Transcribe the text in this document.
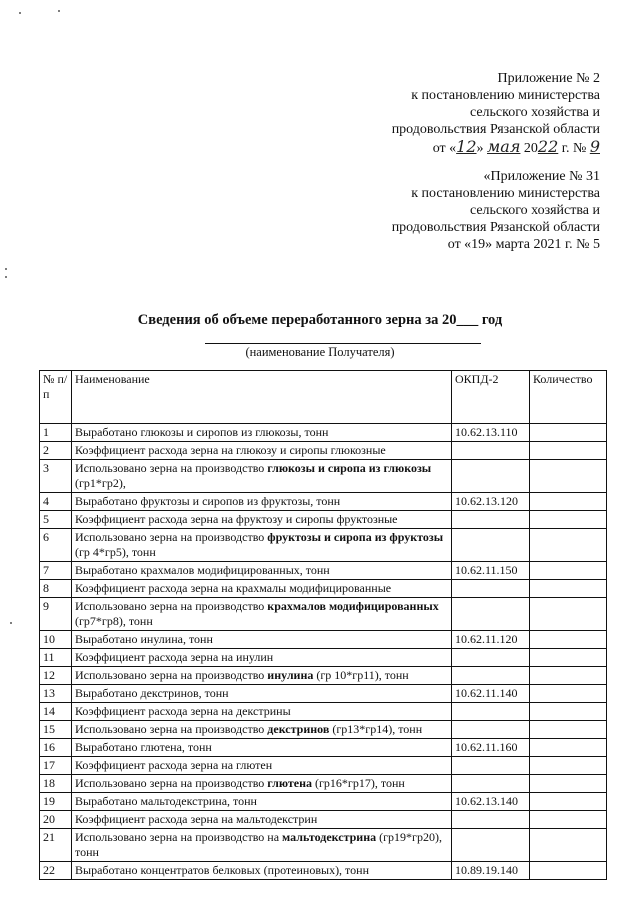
Приложение № 2
к постановлению министерства
сельского хозяйства и
продовольствия Рязанской области
от «12» мая 2022 г. № 9
«Приложение № 31
к постановлению министерства
сельского хозяйства и
продовольствия Рязанской области
от «19» марта 2021 г. № 5
Сведения об объеме переработанного зерна за 20___ год
(наименование Получателя)
№ п/п	Наименование	ОКПД-2	Количество
1	Выработано глюкозы и сиропов из глюкозы, тонн	10.62.13.110	
2	Коэффициент расхода зерна на глюкозу и сиропы глюкозные		
3	Использовано зерна на производство глюкозы и сиропа из глюкозы (гр1*гр2),		
4	Выработано фруктозы и сиропов из фруктозы, тонн	10.62.13.120	
5	Коэффициент расхода зерна на фруктозу и сиропы фруктозные		
6	Использовано зерна на производство фруктозы и сиропа из фруктозы (гр 4*гр5), тонн		
7	Выработано крахмалов модифицированных, тонн	10.62.11.150	
8	Коэффициент расхода зерна на крахмалы модифицированные		
9	Использовано зерна на производство крахмалов модифицированных (гр7*гр8), тонн		
10	Выработано инулина, тонн	10.62.11.120	
11	Коэффициент расхода зерна на инулин		
12	Использовано зерна на производство инулина (гр 10*гр11), тонн		
13	Выработано декстринов, тонн	10.62.11.140	
14	Коэффициент расхода зерна на декстрины		
15	Использовано зерна на производство декстринов (гр13*гр14), тонн		
16	Выработано глютена, тонн	10.62.11.160	
17	Коэффициент расхода зерна на глютен		
18	Использовано зерна на производство глютена (гр16*гр17), тонн		
19	Выработано мальтодекстрина, тонн	10.62.13.140	
20	Коэффициент расхода зерна на мальтодекстрин		
21	Использовано зерна на производство на мальтодекстрина (гр19*гр20), тонн		
22	Выработано концентратов белковых (протеиновых), тонн	10.89.19.140	
